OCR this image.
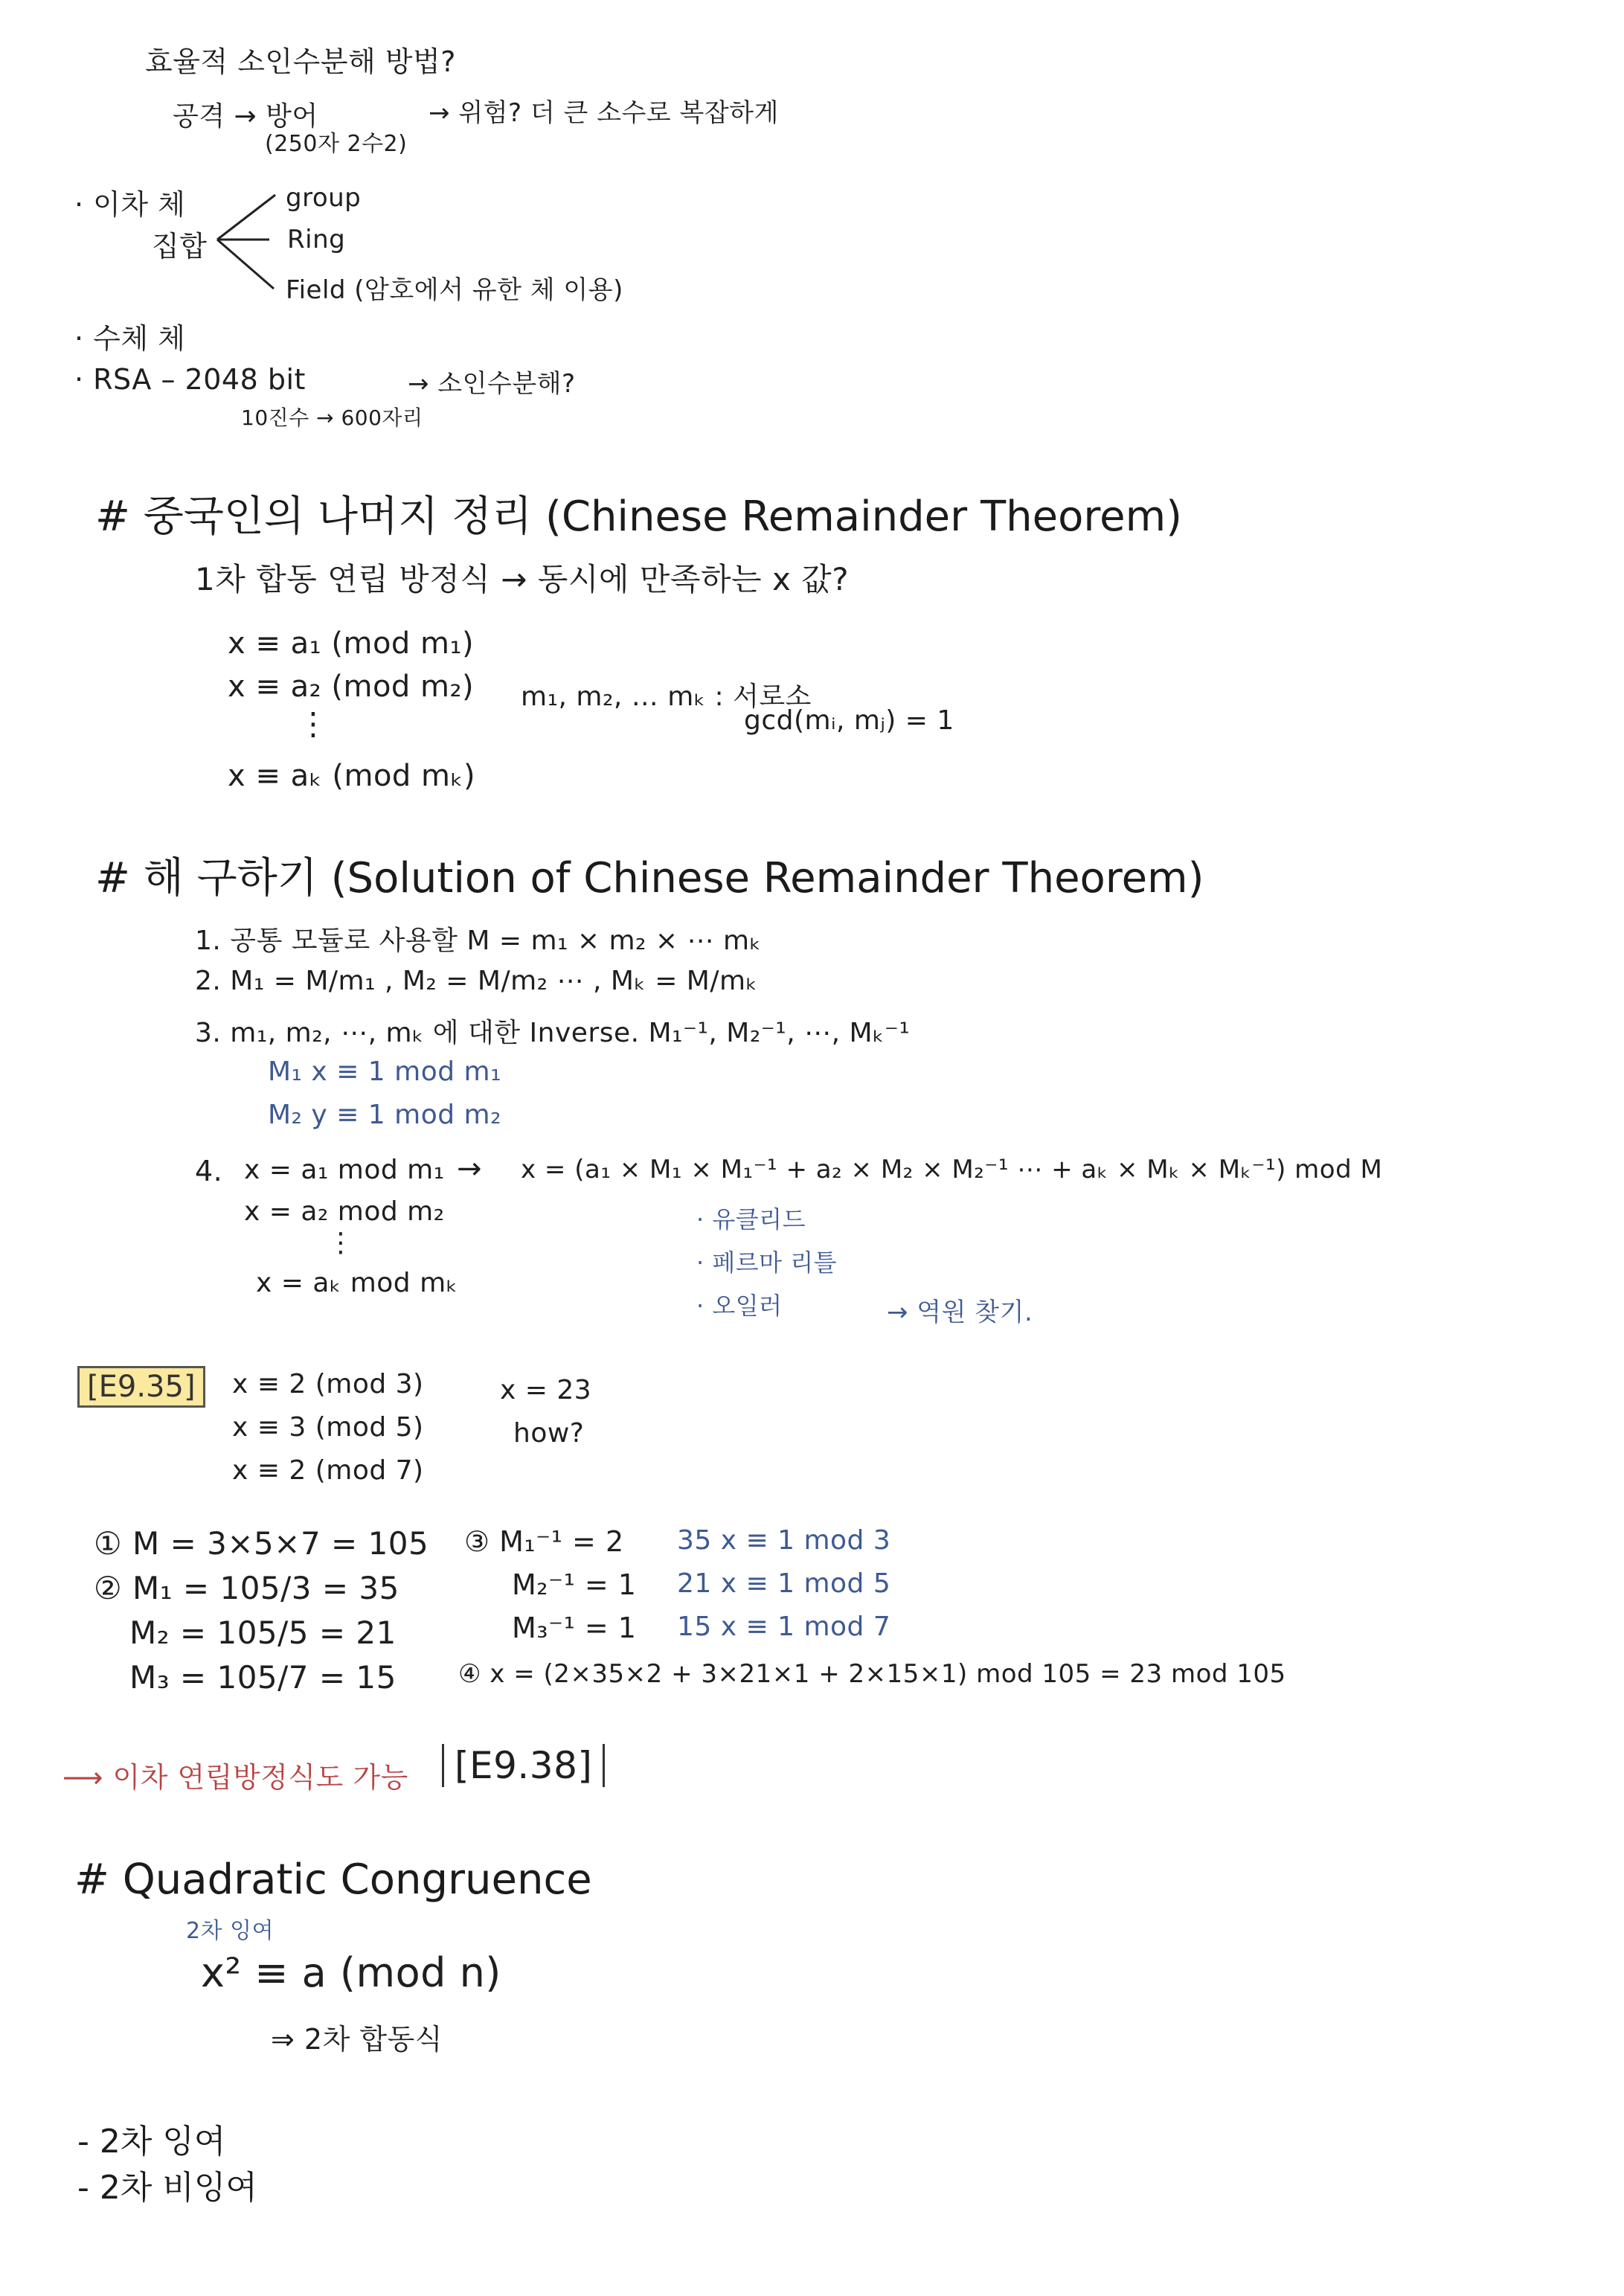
효율적 소인수분해 방법?
공격 → 방어
(250자 2수2)
→ 위험? 더 큰 소수로 복잡하게
· 이차 체
집합
group
Ring
Field (암호에서 유한 체 이용)
· 수체 체
· RSA – 2048 bit
10진수 → 600자리
→ 소인수분해?
# 중국인의 나머지 정리 (Chinese Remainder Theorem)
1차 합동 연립 방정식 → 동시에 만족하는 x 값?
x ≡ a₁ (mod m₁)
x ≡ a₂ (mod m₂)
⋮
x ≡ aₖ (mod mₖ)
m₁, m₂, … mₖ : 서로소
gcd(mᵢ, mⱼ) = 1
# 해 구하기 (Solution of Chinese Remainder Theorem)
1. 공통 모듈로 사용할 M = m₁ × m₂ × ⋯ mₖ
2. M₁ = M/m₁ , M₂ = M/m₂ ⋯ , Mₖ = M/mₖ
3. m₁, m₂, ⋯, mₖ 에 대한 Inverse. M₁⁻¹, M₂⁻¹, ⋯, Mₖ⁻¹
M₁ x ≡ 1 mod m₁
M₂ y ≡ 1 mod m₂
4. x = a₁ mod m₁
x = a₂ mod m₂
⋮
x = aₖ mod mₖ
→ x = (a₁ × M₁ × M₁⁻¹ + a₂ × M₂ × M₂⁻¹ ⋯ + aₖ × Mₖ × Mₖ⁻¹) mod M
· 유클리드
· 페르마 리틀
· 오일러	→ 역원 찾기.
[E9.35]	x ≡ 2 (mod 3)
x ≡ 3 (mod 5)
x ≡ 2 (mod 7)
x = 23
how?
① M = 3×5×7 = 105
② M₁ = 105/3 = 35
M₂ = 105/5 = 21
M₃ = 105/7 = 15
③ M₁⁻¹ = 2
M₂⁻¹ = 1
M₃⁻¹ = 1
35 x ≡ 1 mod 3
21 x ≡ 1 mod 5
15 x ≡ 1 mod 7
④ x = (2×35×2 + 3×21×1 + 2×15×1) mod 105 = 23 mod 105
⟶ 이차 연립방정식도 가능	[E9.38]
# Quadratic Congruence
2차 잉여
x² ≡ a (mod n)
⇒ 2차 합동식
- 2차 잉여
- 2차 비잉여
